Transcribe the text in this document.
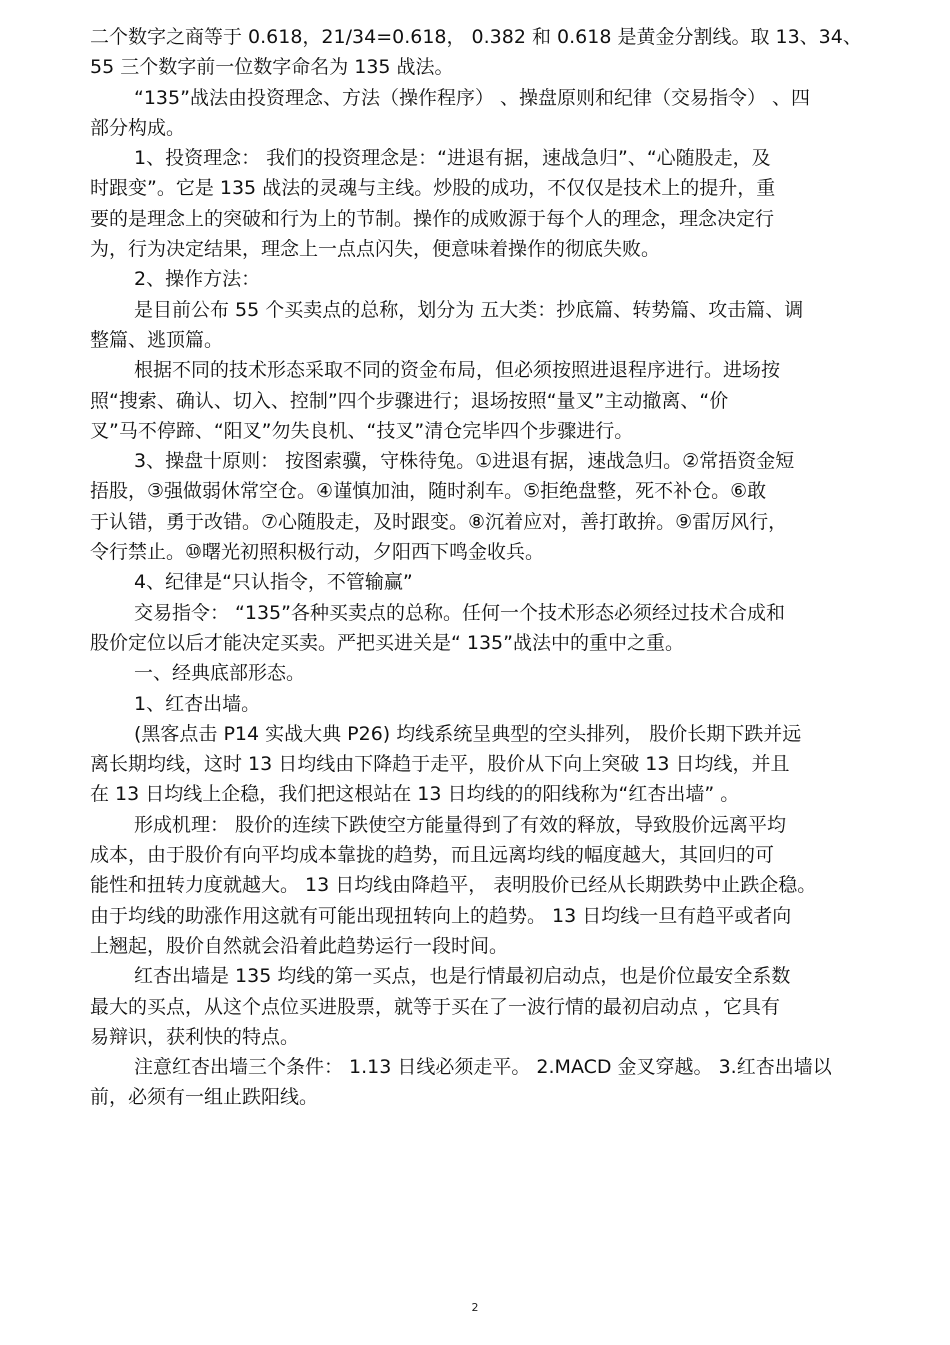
二个数字之商等于 0.618，21/34=0.618， 0.382 和 0.618 是黄金分割线。取 13、34、
55 三个数字前一位数字命名为 135 战法。
“135”战法由投资理念、方法（操作程序） 、操盘原则和纪律（交易指令） 、四
部分构成。
1、投资理念： 我们的投资理念是：“进退有据，速战急归”、“心随股走，及
时跟变”。它是 135 战法的灵魂与主线。炒股的成功，不仅仅是技术上的提升，重
要的是理念上的突破和行为上的节制。操作的成败源于每个人的理念，理念决定行
为，行为决定结果，理念上一点点闪失，便意味着操作的彻底失败。
2、操作方法：
是目前公布 55 个买卖点的总称，划分为 五大类：抄底篇、转势篇、攻击篇、调
整篇、逃顶篇。
根据不同的技术形态采取不同的资金布局，但必须按照进退程序进行。进场按
照“搜索、确认、切入、控制”四个步骤进行；退场按照“量叉”主动撤离、“价
叉”马不停蹄、“阳叉”勿失良机、“技叉”清仓完毕四个步骤进行。
3、操盘十原则： 按图索骥，守株待兔。①进退有据，速战急归。②常捂资金短
捂股，③强做弱休常空仓。④谨慎加油，随时刹车。⑤拒绝盘整，死不补仓。⑥敢
于认错，勇于改错。⑦心随股走，及时跟变。⑧沉着应对，善打敢拚。⑨雷厉风行，
令行禁止。⑩曙光初照积极行动，夕阳西下鸣金收兵。
4、纪律是“只认指令，不管输赢”
交易指令： “135”各种买卖点的总称。任何一个技术形态必须经过技术合成和
股价定位以后才能决定买卖。严把买进关是“ 135”战法中的重中之重。
一、经典底部形态。
1、红杏出墙。
(黑客点击 P14 实战大典 P26) 均线系统呈典型的空头排列， 股价长期下跌并远
离长期均线，这时 13 日均线由下降趋于走平，股价从下向上突破 13 日均线，并且
在 13 日均线上企稳，我们把这根站在 13 日均线的的阳线称为“红杏出墙” 。
形成机理： 股价的连续下跌使空方能量得到了有效的释放，导致股价远离平均
成本，由于股价有向平均成本靠拢的趋势，而且远离均线的幅度越大，其回归的可
能性和扭转力度就越大。 13 日均线由降趋平， 表明股价已经从长期跌势中止跌企稳。
由于均线的助涨作用这就有可能出现扭转向上的趋势。 13 日均线一旦有趋平或者向
上翘起，股价自然就会沿着此趋势运行一段时间。
红杏出墙是 135 均线的第一买点，也是行情最初启动点，也是价位最安全系数
最大的买点，从这个点位买进股票，就等于买在了一波行情的最初启动点 ，它具有
易辩识，获利快的特点。
注意红杏出墙三个条件： 1.13 日线必须走平。 2.MACD 金叉穿越。 3.红杏出墙以
前，必须有一组止跌阳线。
2
